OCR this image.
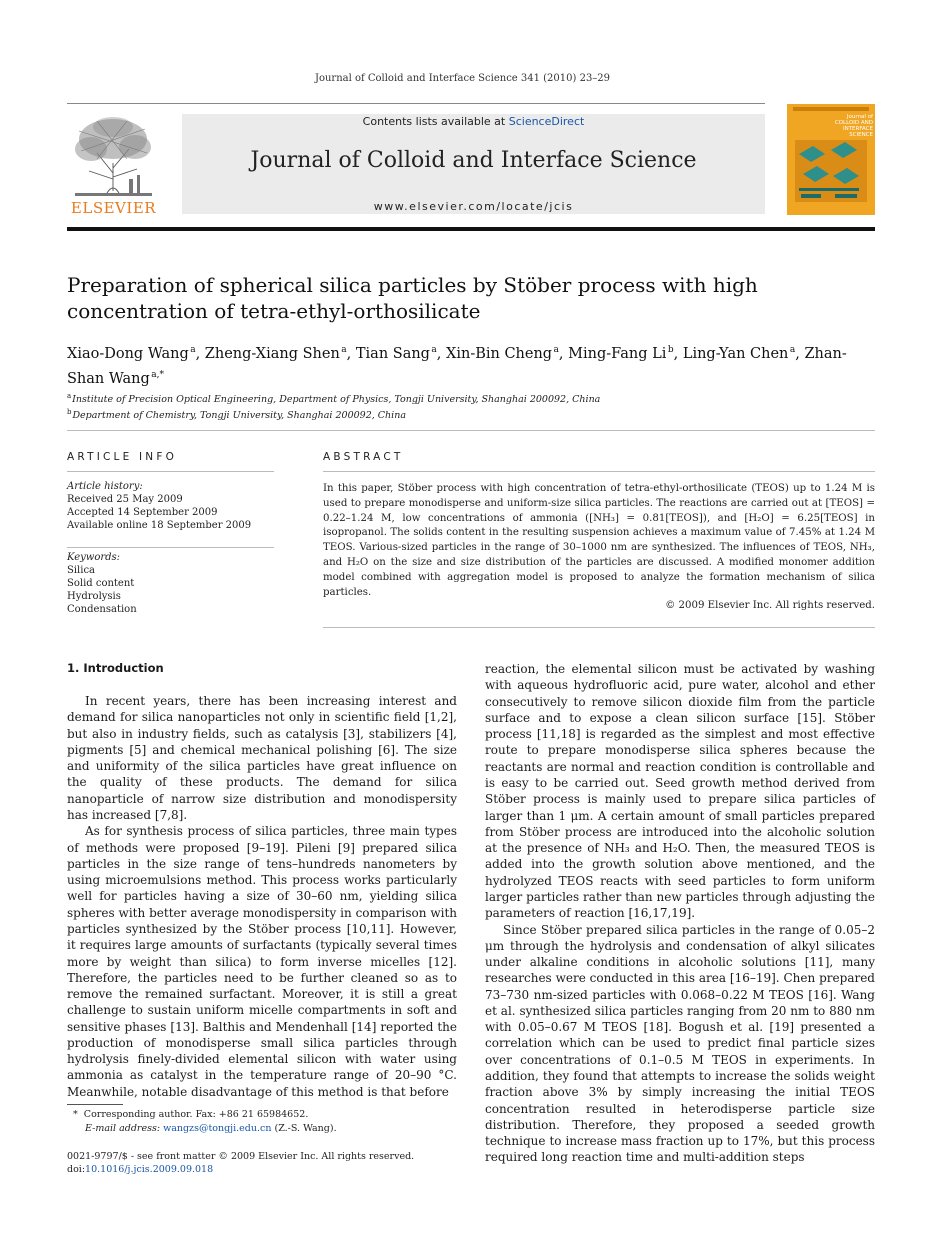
Journal of Colloid and Interface Science 341 (2010) 23–29
ELSEVIER
Contents lists available at ScienceDirect
Journal of Colloid and Interface Science
www.elsevier.com/locate/jcis
Journal of COLLOID AND INTERFACE SCIENCE
Preparation of spherical silica particles by Stöber process with high concentration of tetra-ethyl-orthosilicate
Xiao-Dong Wang $^a$, Zheng-Xiang Shen $^a$, Tian Sang $^a$, Xin-Bin Cheng $^a$, Ming-Fang Li $^b$, Ling-Yan Chen $^a$, Zhan-Shan Wang $^{a,*}$
$^a$ Institute of Precision Optical Engineering, Department of Physics, Tongji University, Shanghai 200092, China
$^b$ Department of Chemistry, Tongji University, Shanghai 200092, China
ARTICLE INFO
Article history:
Received 25 May 2009
Accepted 14 September 2009
Available online 18 September 2009
Keywords:
Silica
Solid content
Hydrolysis
Condensation
ABSTRACT
In this paper, Stöber process with high concentration of tetra-ethyl-orthosilicate (TEOS) up to 1.24 M is used to prepare monodisperse and uniform-size silica particles. The reactions are carried out at [TEOS] = 0.22–1.24 M, low concentrations of ammonia ([NH₃] = 0.81[TEOS]), and [H₂O] = 6.25[TEOS] in isopropanol. The solids content in the resulting suspension achieves a maximum value of 7.45% at 1.24 M TEOS. Various-sized particles in the range of 30–1000 nm are synthesized. The influences of TEOS, NH₃, and H₂O on the size and size distribution of the particles are discussed. A modified monomer addition model combined with aggregation model is proposed to analyze the formation mechanism of silica particles.
© 2009 Elsevier Inc. All rights reserved.
1. Introduction

In recent years, there has been increasing interest and demand for silica nanoparticles not only in scientific field [1,2], but also in industry fields, such as catalysis [3], stabilizers [4], pigments [5] and chemical mechanical polishing [6]. The size and uniformity of the silica particles have great influence on the quality of these products. The demand for silica nanoparticle of narrow size distribution and monodispersity has increased [7,8].

As for synthesis process of silica particles, three main types of methods were proposed [9–19]. Pileni [9] prepared silica particles in the size range of tens–hundreds nanometers by using microemulsions method. This process works particularly well for particles having a size of 30–60 nm, yielding silica spheres with better average monodispersity in comparison with particles synthesized by the Stöber process [10,11]. However, it requires large amounts of surfactants (typically several times more by weight than silica) to form inverse micelles [12]. Therefore, the particles need to be further cleaned so as to remove the remained surfactant. Moreover, it is still a great challenge to sustain uniform micelle compartments in soft and sensitive phases [13]. Balthis and Mendenhall [14] reported the production of monodisperse small silica particles through hydrolysis finely-divided elemental silicon with water using ammonia as catalyst in the temperature range of 20–90 °C. Meanwhile, notable disadvantage of this method is that before

reaction, the elemental silicon must be activated by washing with aqueous hydrofluoric acid, pure water, alcohol and ether consecutively to remove silicon dioxide film from the particle surface and to expose a clean silicon surface [15]. Stöber process [11,18] is regarded as the simplest and most effective route to prepare monodisperse silica spheres because the reactants are normal and reaction condition is controllable and is easy to be carried out. Seed growth method derived from Stöber process is mainly used to prepare silica particles of larger than 1 μm. A certain amount of small particles prepared from Stöber process are introduced into the alcoholic solution at the presence of NH₃ and H₂O. Then, the measured TEOS is added into the growth solution above mentioned, and the hydrolyzed TEOS reacts with seed particles to form uniform larger particles rather than new particles through adjusting the parameters of reaction [16,17,19].

Since Stöber prepared silica particles in the range of 0.05–2 μm through the hydrolysis and condensation of alkyl silicates under alkaline conditions in alcoholic solutions [11], many researches were conducted in this area [16–19]. Chen prepared 73–730 nm-sized particles with 0.068–0.22 M TEOS [16]. Wang et al. synthesized silica particles ranging from 20 nm to 880 nm with 0.05–0.67 M TEOS [18]. Bogush et al. [19] presented a correlation which can be used to predict final particle sizes over concentrations of 0.1–0.5 M TEOS in experiments. In addition, they found that attempts to increase the solids weight fraction above 3% by simply increasing the initial TEOS concentration resulted in heterodisperse particle size distribution. Therefore, they proposed a seeded growth technique to increase mass fraction up to 17%, but this process required long reaction time and multi-addition steps

* Corresponding author. Fax: +86 21 65984652.
E-mail address: wangzs@tongji.edu.cn (Z.-S. Wang).
0021-9797/$ - see front matter © 2009 Elsevier Inc. All rights reserved.
doi:10.1016/j.jcis.2009.09.018
